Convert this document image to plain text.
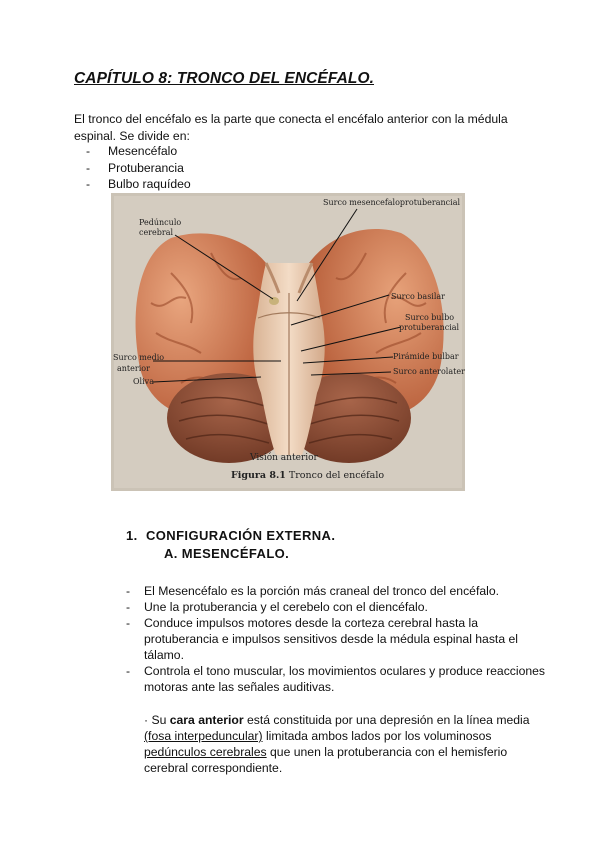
CAPÍTULO 8: TRONCO DEL ENCÉFALO.
El tronco del encéfalo es la parte que conecta el encéfalo anterior con la médula espinal. Se divide en:
- Mesencéfalo
- Protuberancia
- Bulbo raquídeo
Surco mesencefaloprotuberancial
Pedúnculo
cerebral
Surco basilar
Surco bulbo
protuberancial
Surco medio
anterior
Pirámide bulbar
Surco anterolateral
Oliva
Visión anterior
Figura 8.1 Tronco del encéfalo
1. CONFIGURACIÓN EXTERNA.
A. MESENCÉFALO.
- El Mesencéfalo es la porción más craneal del tronco del encéfalo.
- Une la protuberancia y el cerebelo con el diencéfalo.
- Conduce impulsos motores desde la corteza cerebral hasta la protuberancia e impulsos sensitivos desde la médula espinal hasta el tálamo.
- Controla el tono muscular, los movimientos oculares y produce reacciones motoras ante las señales auditivas.
· Su cara anterior está constituida por una depresión en la línea media (fosa interpeduncular) limitada ambos lados por los voluminosos pedúnculos cerebrales que unen la protuberancia con el hemisferio cerebral correspondiente.
